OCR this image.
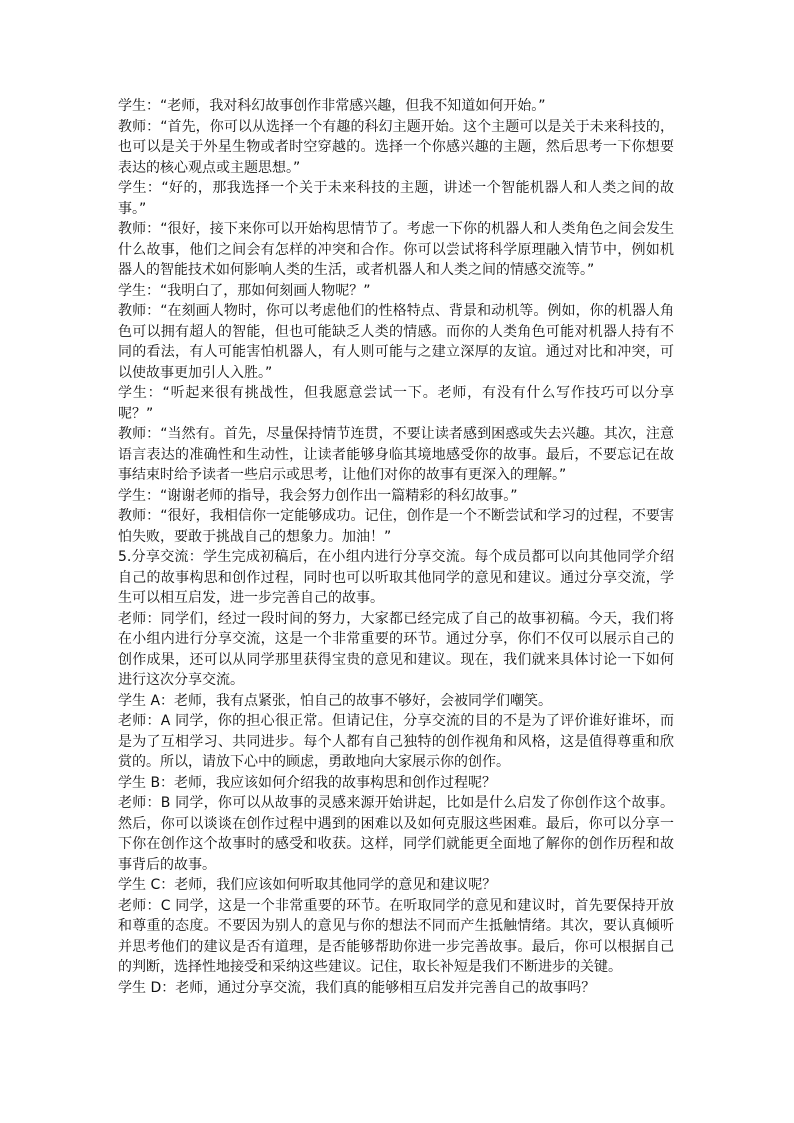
学生：“老师，我对科幻故事创作非常感兴趣，但我不知道如何开始。”

教师：“首先，你可以从选择一个有趣的科幻主题开始。这个主题可以是关于未来科技的，也可以是关于外星生物或者时空穿越的。选择一个你感兴趣的主题，然后思考一下你想要表达的核心观点或主题思想。”

学生：“好的，那我选择一个关于未来科技的主题，讲述一个智能机器人和人类之间的故事。”

教师：“很好，接下来你可以开始构思情节了。考虑一下你的机器人和人类角色之间会发生什么故事，他们之间会有怎样的冲突和合作。你可以尝试将科学原理融入情节中，例如机器人的智能技术如何影响人类的生活，或者机器人和人类之间的情感交流等。”

学生：“我明白了，那如何刻画人物呢？”

教师：“在刻画人物时，你可以考虑他们的性格特点、背景和动机等。例如，你的机器人角色可以拥有超人的智能，但也可能缺乏人类的情感。而你的人类角色可能对机器人持有不同的看法，有人可能害怕机器人，有人则可能与之建立深厚的友谊。通过对比和冲突，可以使故事更加引人入胜。”

学生：“听起来很有挑战性，但我愿意尝试一下。老师，有没有什么写作技巧可以分享呢？”

教师：“当然有。首先，尽量保持情节连贯，不要让读者感到困惑或失去兴趣。其次，注意语言表达的准确性和生动性，让读者能够身临其境地感受你的故事。最后，不要忘记在故事结束时给予读者一些启示或思考，让他们对你的故事有更深入的理解。”

学生：“谢谢老师的指导，我会努力创作出一篇精彩的科幻故事。”

教师：“很好，我相信你一定能够成功。记住，创作是一个不断尝试和学习的过程，不要害怕失败，要敢于挑战自己的想象力。加油！”

5.分享交流：学生完成初稿后，在小组内进行分享交流。每个成员都可以向其他同学介绍自己的故事构思和创作过程，同时也可以听取其他同学的意见和建议。通过分享交流，学生可以相互启发，进一步完善自己的故事。

老师：同学们，经过一段时间的努力，大家都已经完成了自己的故事初稿。今天，我们将在小组内进行分享交流，这是一个非常重要的环节。通过分享，你们不仅可以展示自己的创作成果，还可以从同学那里获得宝贵的意见和建议。现在，我们就来具体讨论一下如何进行这次分享交流。

学生 A：老师，我有点紧张，怕自己的故事不够好，会被同学们嘲笑。

老师：A 同学，你的担心很正常。但请记住，分享交流的目的不是为了评价谁好谁坏，而是为了互相学习、共同进步。每个人都有自己独特的创作视角和风格，这是值得尊重和欣赏的。所以，请放下心中的顾虑，勇敢地向大家展示你的创作。

学生 B：老师，我应该如何介绍我的故事构思和创作过程呢？

老师：B 同学，你可以从故事的灵感来源开始讲起，比如是什么启发了你创作这个故事。然后，你可以谈谈在创作过程中遇到的困难以及如何克服这些困难。最后，你可以分享一下你在创作这个故事时的感受和收获。这样，同学们就能更全面地了解你的创作历程和故事背后的故事。

学生 C：老师，我们应该如何听取其他同学的意见和建议呢？

老师：C 同学，这是一个非常重要的环节。在听取同学的意见和建议时，首先要保持开放和尊重的态度。不要因为别人的意见与你的想法不同而产生抵触情绪。其次，要认真倾听并思考他们的建议是否有道理，是否能够帮助你进一步完善故事。最后，你可以根据自己的判断，选择性地接受和采纳这些建议。记住，取长补短是我们不断进步的关键。

学生 D：老师，通过分享交流，我们真的能够相互启发并完善自己的故事吗？
